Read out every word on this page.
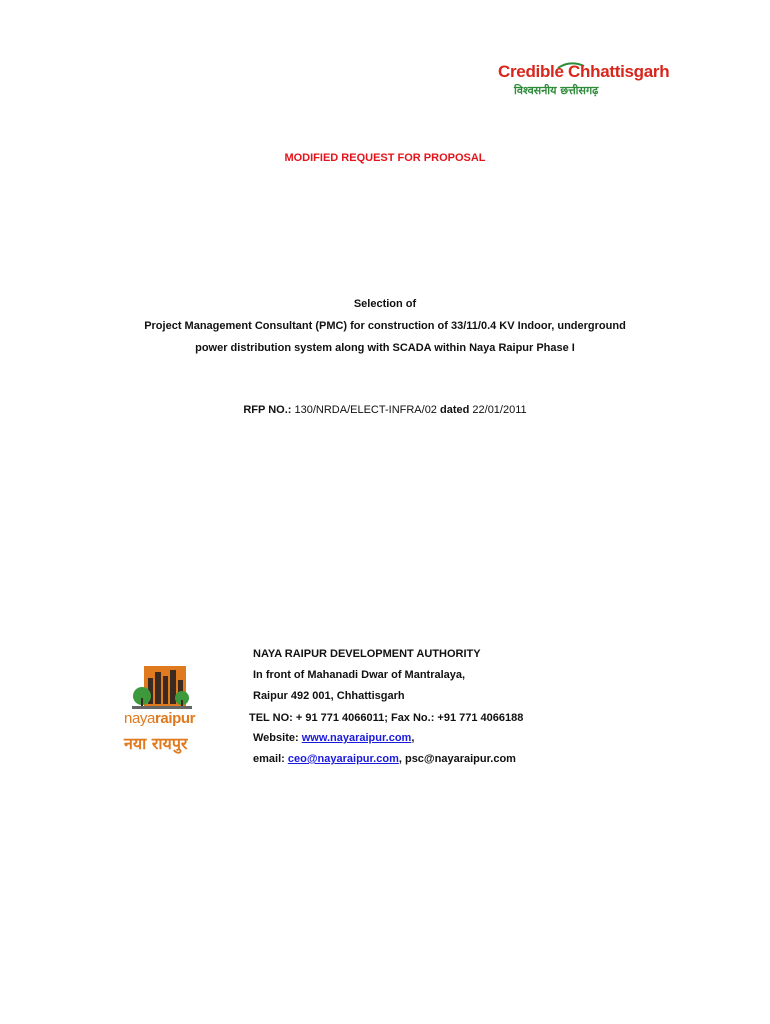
Credible Chhattisgarh
विश्वसनीय छत्तीसगढ़
MODIFIED REQUEST FOR PROPOSAL
Selection of
Project Management Consultant (PMC) for construction of 33/11/0.4 KV Indoor, underground
power distribution system along with SCADA within Naya Raipur Phase I
RFP NO.: 130/NRDA/ELECT-INFRA/02 dated 22/01/2011
nayaraipur
नया रायपुर
NAYA RAIPUR DEVELOPMENT AUTHORITY
In front of Mahanadi Dwar of Mantralaya,
Raipur 492 001, Chhattisgarh
TEL NO: + 91 771 4066011; Fax No.: +91 771 4066188
Website: www.nayaraipur.com,
email: ceo@nayaraipur.com, psc@nayaraipur.com
